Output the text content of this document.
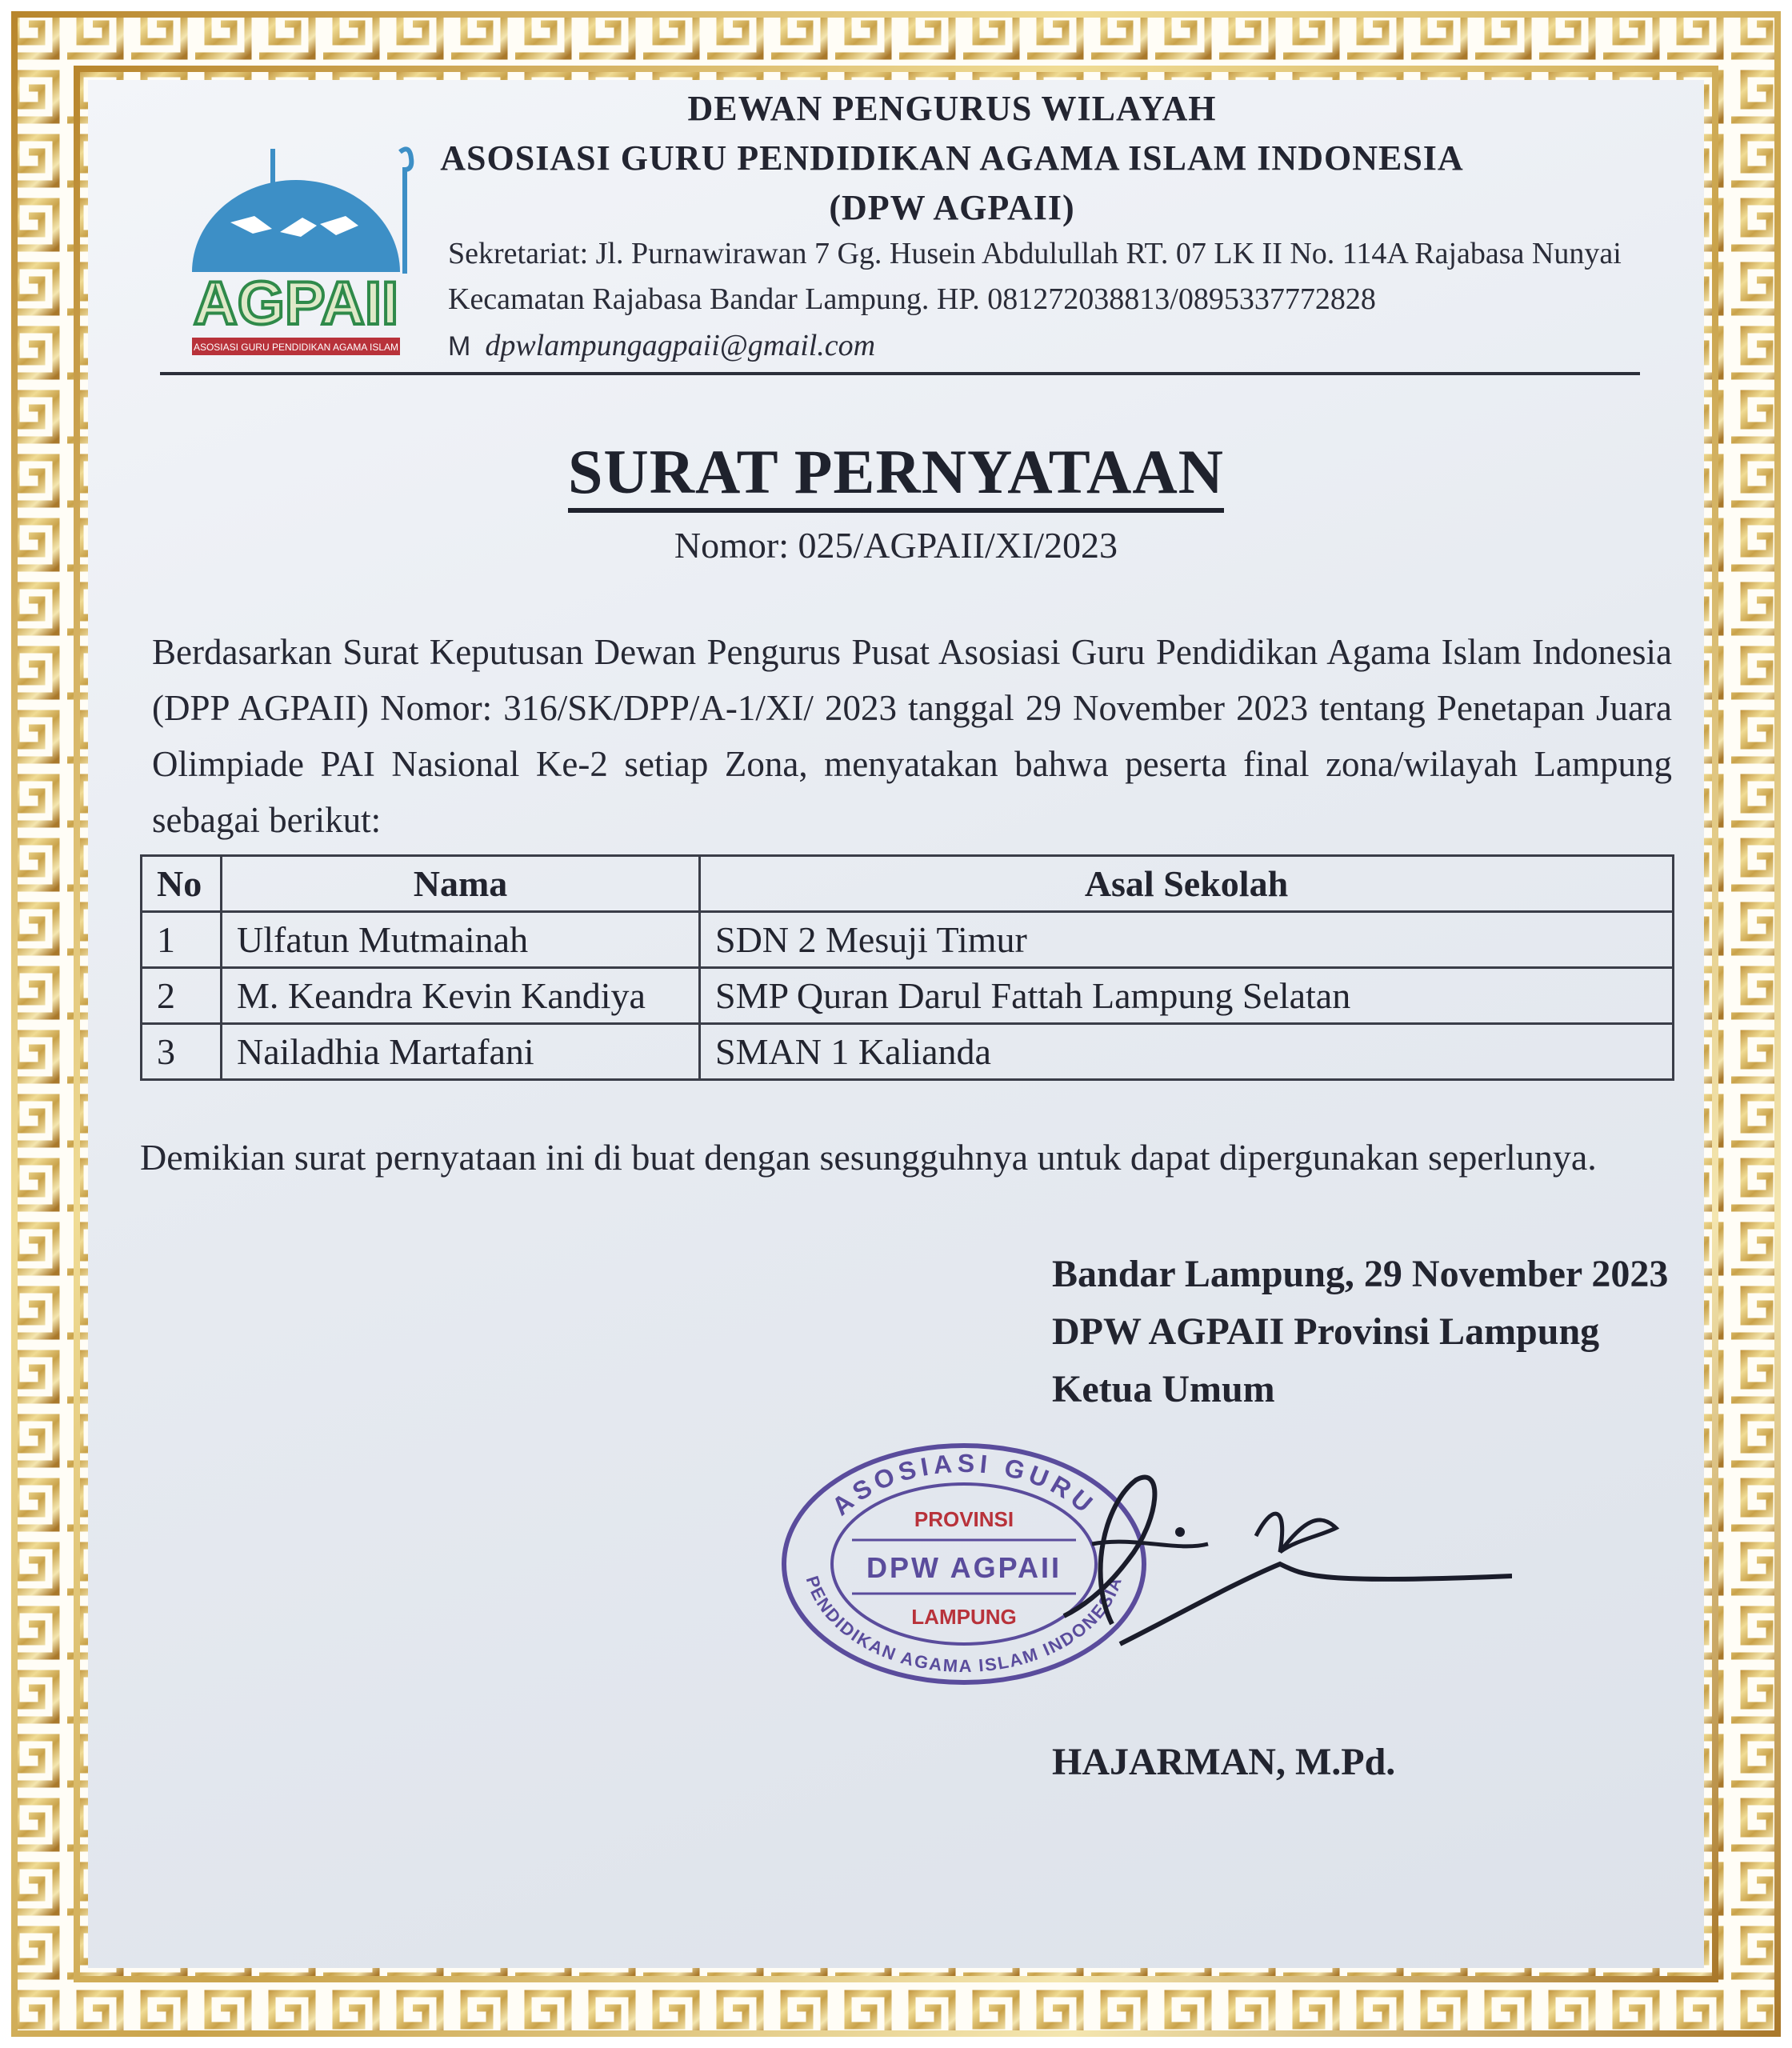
AGPAII
ASOSIASI GURU PENDIDIKAN AGAMA ISLAM
DEWAN PENGURUS WILAYAH
ASOSIASI GURU PENDIDIKAN AGAMA ISLAM INDONESIA
(DPW AGPAII)
Sekretariat: Jl. Purnawirawan 7 Gg. Husein Abdulullah RT. 07 LK II No. 114A Rajabasa Nunyai
Kecamatan Rajabasa Bandar Lampung. HP. 081272038813/0895337772828
M dpwlampungagpaii@gmail.com
SURAT PERNYATAAN
Nomor: 025/AGPAII/XI/2023

Berdasarkan Surat Keputusan Dewan Pengurus Pusat Asosiasi Guru Pendidikan Agama Islam Indonesia (DPP AGPAII) Nomor: 316/SK/DPP/A-1/XI/ 2023 tanggal 29 November 2023 tentang Penetapan Juara Olimpiade PAI Nasional Ke-2 setiap Zona, menyatakan bahwa peserta final zona/wilayah Lampung sebagai berikut:

No	Nama	Asal Sekolah
1	Ulfatun Mutmainah	SDN 2 Mesuji Timur
2	M. Keandra Kevin Kandiya	SMP Quran Darul Fattah Lampung Selatan
3	Nailadhia Martafani	SMAN 1 Kalianda
Demikian surat pernyataan ini di buat dengan sesungguhnya untuk dapat dipergunakan seperlunya.
Bandar Lampung, 29 November 2023
DPW AGPAII Provinsi Lampung
Ketua Umum
ASOSIASI GURU
PENDIDIKAN AGAMA ISLAM INDONESIA
PROVINSI
DPW AGPAII
LAMPUNG
HAJARMAN, M.Pd.
